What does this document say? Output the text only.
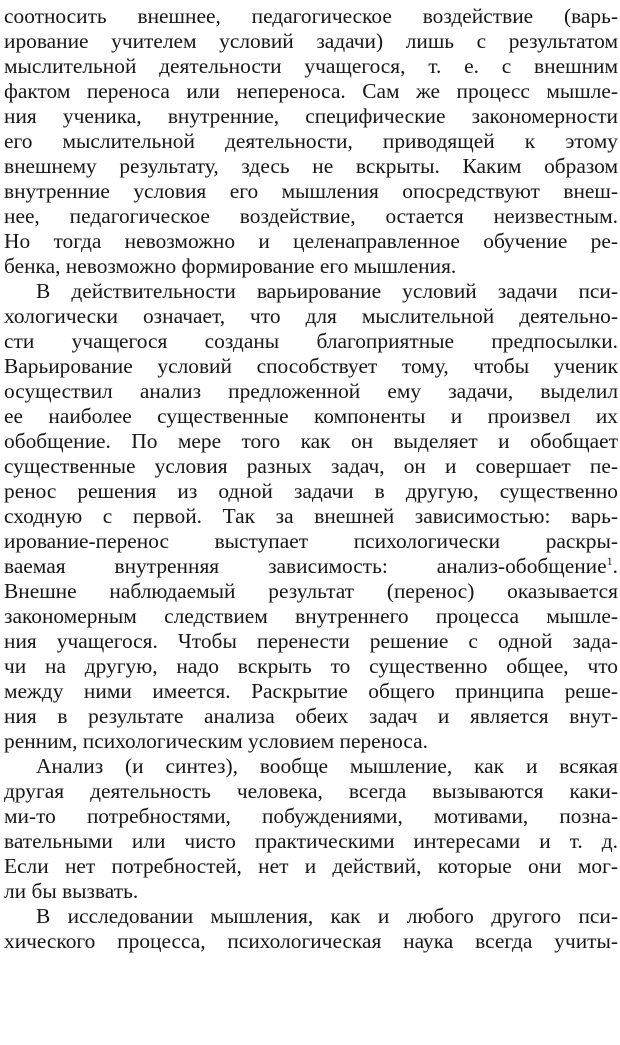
соотносить внешнее, педагогическое воздействие (варь-
ирование учителем условий задачи) лишь с результатом
мыслительной деятельности учащегося, т. е. с внешним
фактом переноса или непереноса. Сам же процесс мышле-
ния ученика, внутренние, специфические закономерности
его мыслительной деятельности, приводящей к этому
внешнему результату, здесь не вскрыты. Каким образом
внутренние условия его мышления опосредствуют внеш-
нее, педагогическое воздействие, остается неизвестным.
Но тогда невозможно и целенаправленное обучение ре-
бенка, невозможно формирование его мышления.
В действительности варьирование условий задачи пси-
хологически означает, что для мыслительной деятельно-
сти учащегося созданы благоприятные предпосылки.
Варьирование условий способствует тому, чтобы ученик
осуществил анализ предложенной ему задачи, выделил
ее наиболее существенные компоненты и произвел их
обобщение. По мере того как он выделяет и обобщает
существенные условия разных задач, он и совершает пе-
ренос решения из одной задачи в другую, существенно
сходную с первой. Так за внешней зависимостью: варь-
ирование-перенос выступает психологически раскры-
ваемая внутренняя зависимость: анализ-обобщение$^1$.
Внешне наблюдаемый результат (перенос) оказывается
закономерным следствием внутреннего процесса мышле-
ния учащегося. Чтобы перенести решение с одной зада-
чи на другую, надо вскрыть то существенно общее, что
между ними имеется. Раскрытие общего принципа реше-
ния в результате анализа обеих задач и является внут-
ренним, психологическим условием переноса.
Анализ (и синтез), вообще мышление, как и всякая
другая деятельность человека, всегда вызываются каки-
ми-то потребностями, побуждениями, мотивами, позна-
вательными или чисто практическими интересами и т. д.
Если нет потребностей, нет и действий, которые они мог-
ли бы вызвать.
В исследовании мышления, как и любого другого пси-
хического процесса, психологическая наука всегда учиты-
